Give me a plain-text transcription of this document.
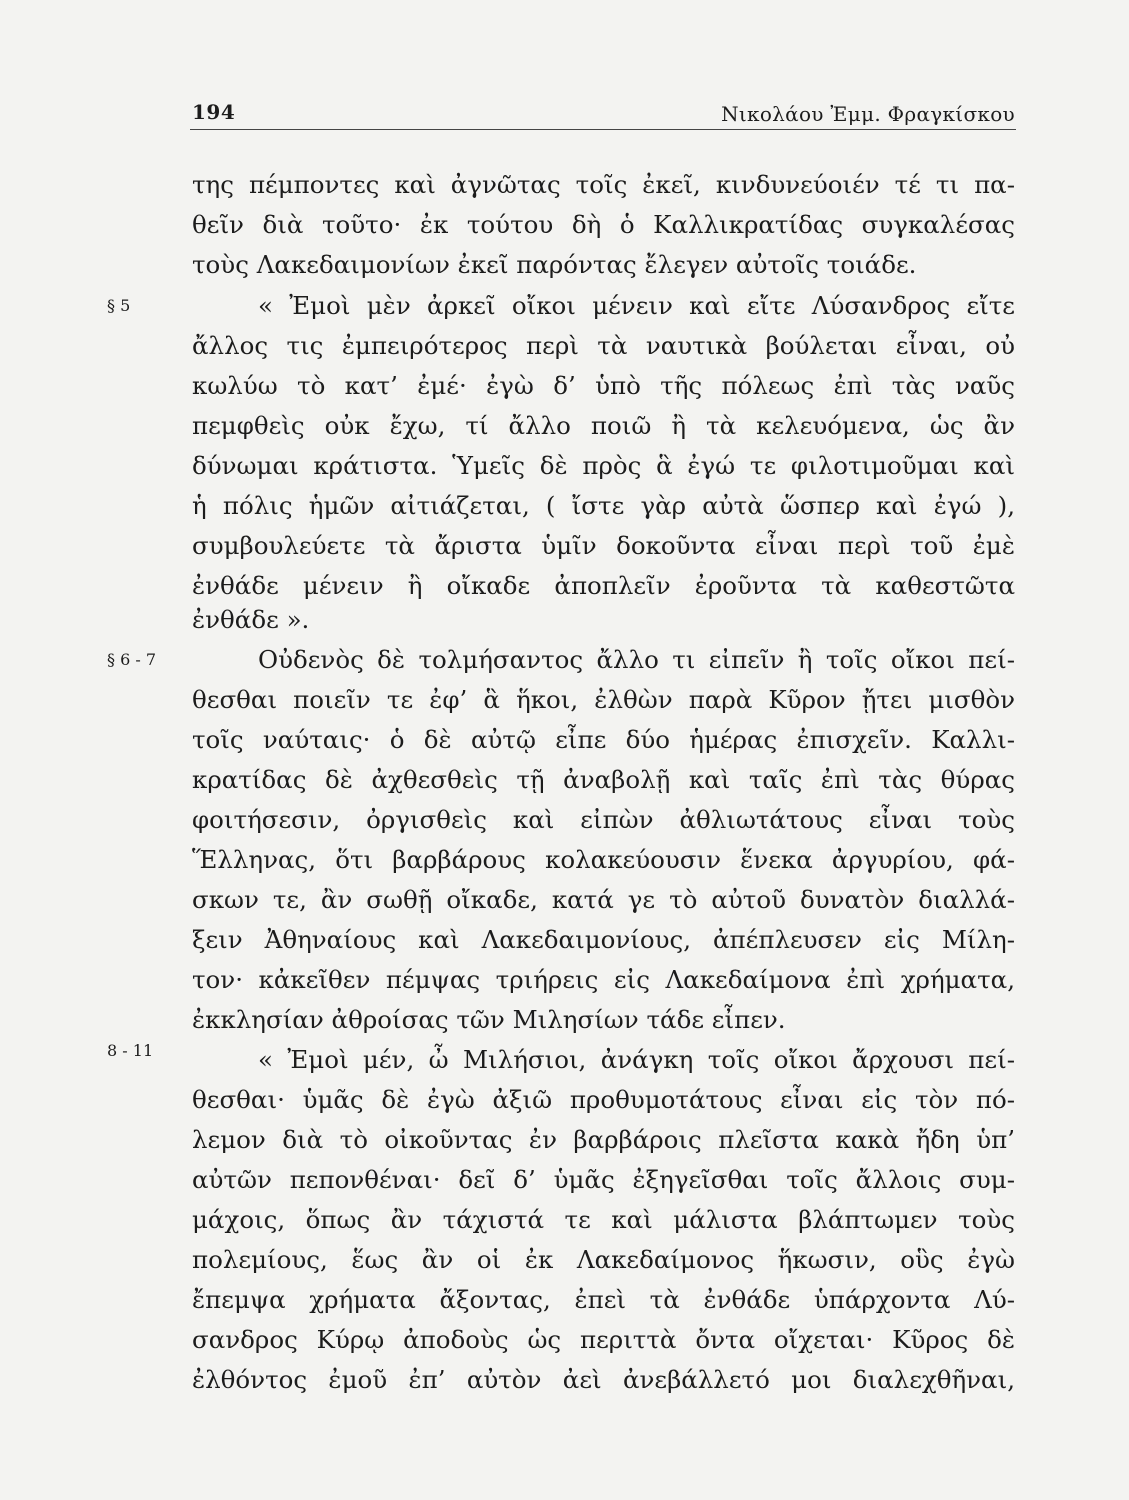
194	Νικολάου Ἐμμ. Φραγκίσκου
§ 5
§ 6 - 7
8 - 11
της πέμποντες καὶ ἀγνῶτας τοῖς ἐκεῖ, κινδυνεύοιέν τέ τι πα-
θεῖν διὰ τοῦτο· ἐκ τούτου δὴ ὁ Καλλικρατίδας συγκαλέσας
τοὺς Λακεδαιμονίων ἐκεῖ παρόντας ἔλεγεν αὐτοῖς τοιάδε.
« Ἐμοὶ μὲν ἀρκεῖ οἴκοι μένειν καὶ εἴτε Λύσανδρος εἴτε
ἄλλος τις ἐμπειρότερος περὶ τὰ ναυτικὰ βούλεται εἶναι, οὐ
κωλύω τὸ κατ’ ἐμέ· ἐγὼ δ’ ὑπὸ τῆς πόλεως ἐπὶ τὰς ναῦς
πεμφθεὶς οὐκ ἔχω, τί ἄλλο ποιῶ ἢ τὰ κελευόμενα, ὡς ἂν
δύνωμαι κράτιστα. Ὑμεῖς δὲ πρὸς ἃ ἐγώ τε φιλοτιμοῦμαι καὶ
ἡ πόλις ἡμῶν αἰτιάζεται, ( ἴστε γὰρ αὐτὰ ὥσπερ καὶ ἐγώ ),
συμβουλεύετε τὰ ἄριστα ὑμῖν δοκοῦντα εἶναι περὶ τοῦ ἐμὲ
ἐνθάδε μένειν ἢ οἴκαδε ἀποπλεῖν ἐροῦντα τὰ καθεστῶτα
ἐνθάδε ».
Οὐδενὸς δὲ τολμήσαντος ἄλλο τι εἰπεῖν ἢ τοῖς οἴκοι πεί-
θεσθαι ποιεῖν τε ἐφ’ ἃ ἥκοι, ἐλθὼν παρὰ Κῦρον ᾔτει μισθὸν
τοῖς ναύταις· ὁ δὲ αὐτῷ εἶπε δύο ἡμέρας ἐπισχεῖν. Καλλι-
κρατίδας δὲ ἀχθεσθεὶς τῇ ἀναβολῇ καὶ ταῖς ἐπὶ τὰς θύρας
φοιτήσεσιν, ὀργισθεὶς καὶ εἰπὼν ἀθλιωτάτους εἶναι τοὺς
Ἕλληνας, ὅτι βαρβάρους κολακεύουσιν ἕνεκα ἀργυρίου, φά-
σκων τε, ἂν σωθῇ οἴκαδε, κατά γε τὸ αὐτοῦ δυνατὸν διαλλά-
ξειν Ἀθηναίους καὶ Λακεδαιμονίους, ἀπέπλευσεν εἰς Μίλη-
τον· κἀκεῖθεν πέμψας τριήρεις εἰς Λακεδαίμονα ἐπὶ χρήματα,
ἐκκλησίαν ἀθροίσας τῶν Μιλησίων τάδε εἶπεν.
« Ἐμοὶ μέν, ὦ Μιλήσιοι, ἀνάγκη τοῖς οἴκοι ἄρχουσι πεί-
θεσθαι· ὑμᾶς δὲ ἐγὼ ἀξιῶ προθυμοτάτους εἶναι εἰς τὸν πό-
λεμον διὰ τὸ οἰκοῦντας ἐν βαρβάροις πλεῖστα κακὰ ἤδη ὑπ’
αὐτῶν πεπονθέναι· δεῖ δ’ ὑμᾶς ἐξηγεῖσθαι τοῖς ἄλλοις συμ-
μάχοις, ὅπως ἂν τάχιστά τε καὶ μάλιστα βλάπτωμεν τοὺς
πολεμίους, ἕως ἂν οἱ ἐκ Λακεδαίμονος ἥκωσιν, οὓς ἐγὼ
ἔπεμψα χρήματα ἄξοντας, ἐπεὶ τὰ ἐνθάδε ὑπάρχοντα Λύ-
σανδρος Κύρῳ ἀποδοὺς ὡς περιττὰ ὄντα οἴχεται· Κῦρος δὲ
ἐλθόντος ἐμοῦ ἐπ’ αὐτὸν ἀεὶ ἀνεβάλλετό μοι διαλεχθῆναι,
